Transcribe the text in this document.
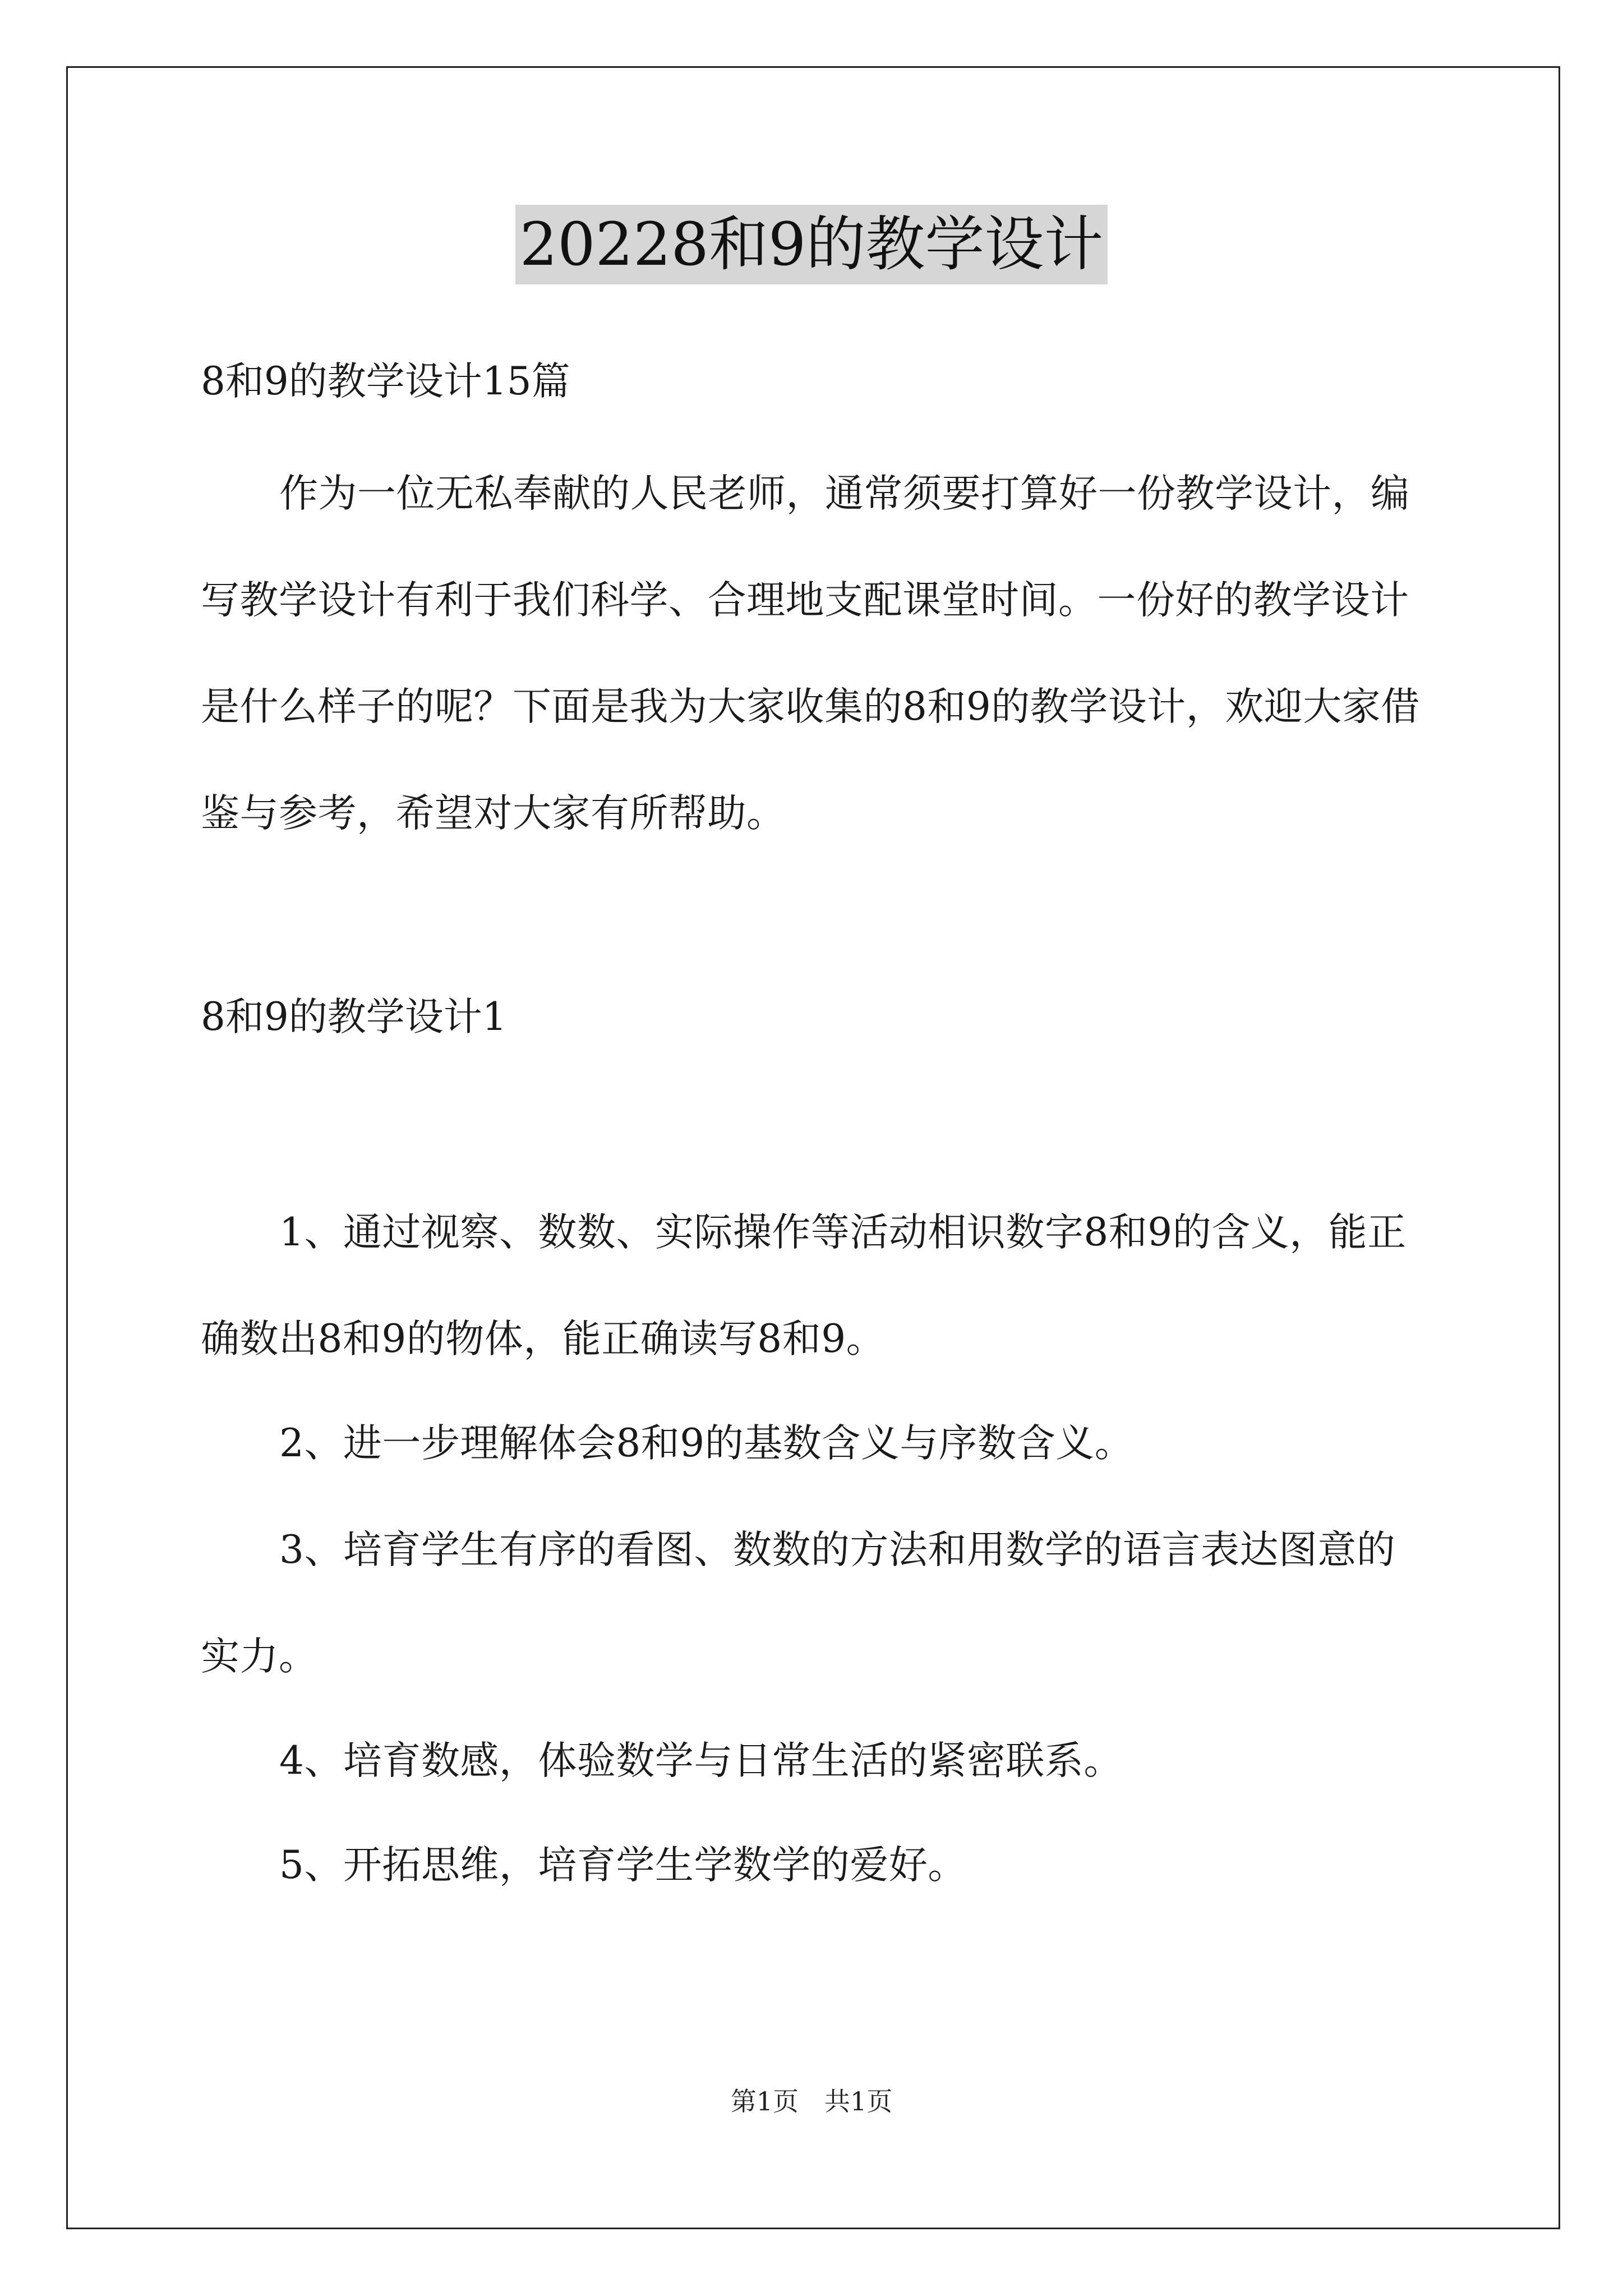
20228和9的教学设计
8和9的教学设计15篇

作为一位无私奉献的人民老师，通常须要打算好一份教学设计，编写教学设计有利于我们科学、合理地支配课堂时间。一份好的教学设计是什么样子的呢？下面是我为大家收集的8和9的教学设计，欢迎大家借鉴与参考，希望对大家有所帮助。

8和9的教学设计1

1、通过视察、数数、实际操作等活动相识数字8和9的含义，能正确数出8和9的物体，能正确读写8和9。

2、进一步理解体会8和9的基数含义与序数含义。

3、培育学生有序的看图、数数的方法和用数学的语言表达图意的实力。

4、培育数感，体验数学与日常生活的紧密联系。

5、开拓思维，培育学生学数学的爱好。

第1页　共1页
